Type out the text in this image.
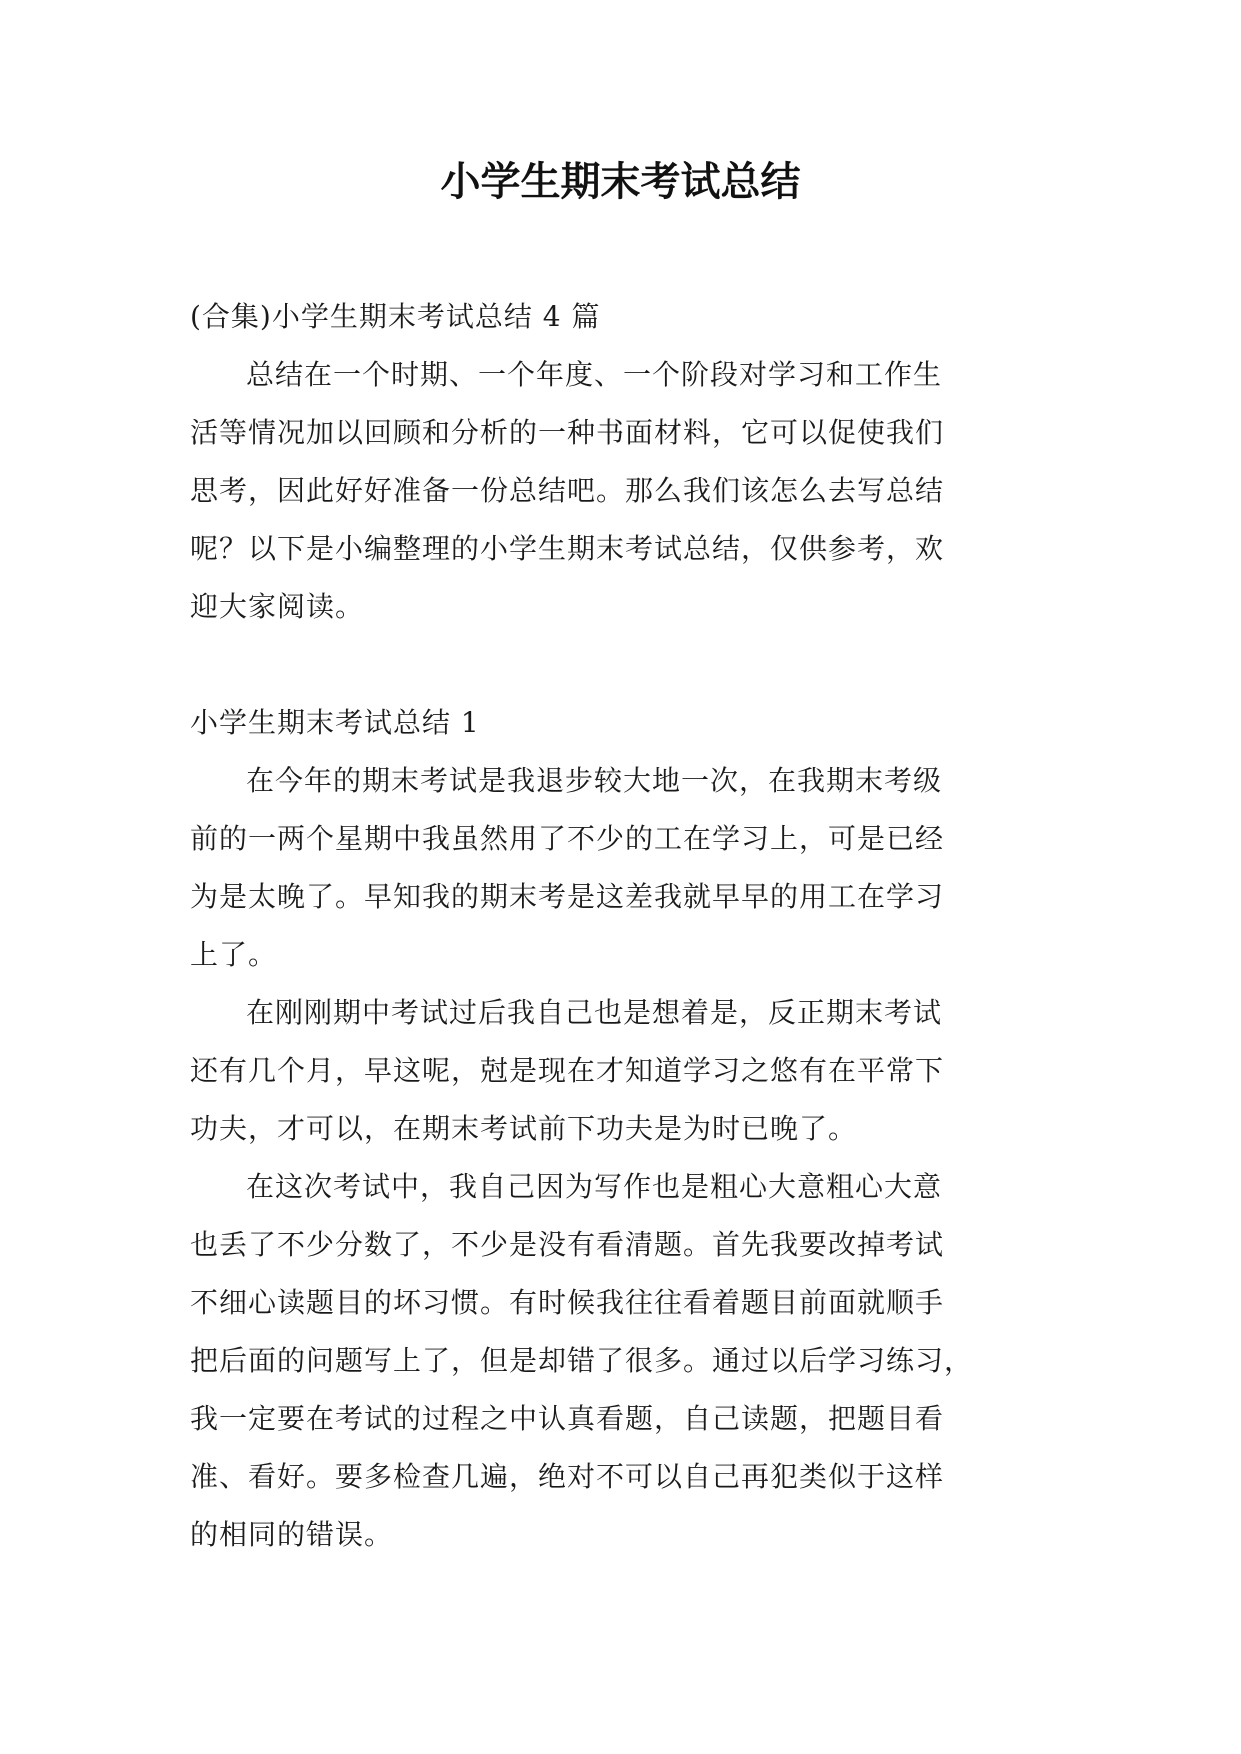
小学生期末考试总结

(合集)小学生期末考试总结 4 篇

总结在一个时期、一个年度、一个阶段对学习和工作生
活等情况加以回顾和分析的一种书面材料，它可以促使我们
思考，因此好好准备一份总结吧。那么我们该怎么去写总结
呢？以下是小编整理的小学生期末考试总结，仅供参考，欢
迎大家阅读。

小学生期末考试总结 1

在今年的期末考试是我退步较大地一次，在我期末考级
前的一两个星期中我虽然用了不少的工在学习上，可是已经
为是太晚了。早知我的期末考是这差我就早早的用工在学习
上了。
在刚刚期中考试过后我自己也是想着是，反正期末考试
还有几个月，早这呢，尅是现在才知道学习之悠有在平常下
功夫，才可以，在期末考试前下功夫是为时已晚了。
在这次考试中，我自己因为写作也是粗心大意粗心大意
也丢了不少分数了，不少是没有看清题。首先我要改掉考试
不细心读题目的坏习惯。有时候我往往看着题目前面就顺手
把后面的问题写上了，但是却错了很多。通过以后学习练习，
我一定要在考试的过程之中认真看题，自己读题，把题目看
准、看好。要多检查几遍，绝对不可以自己再犯类似于这样
的相同的错误。
